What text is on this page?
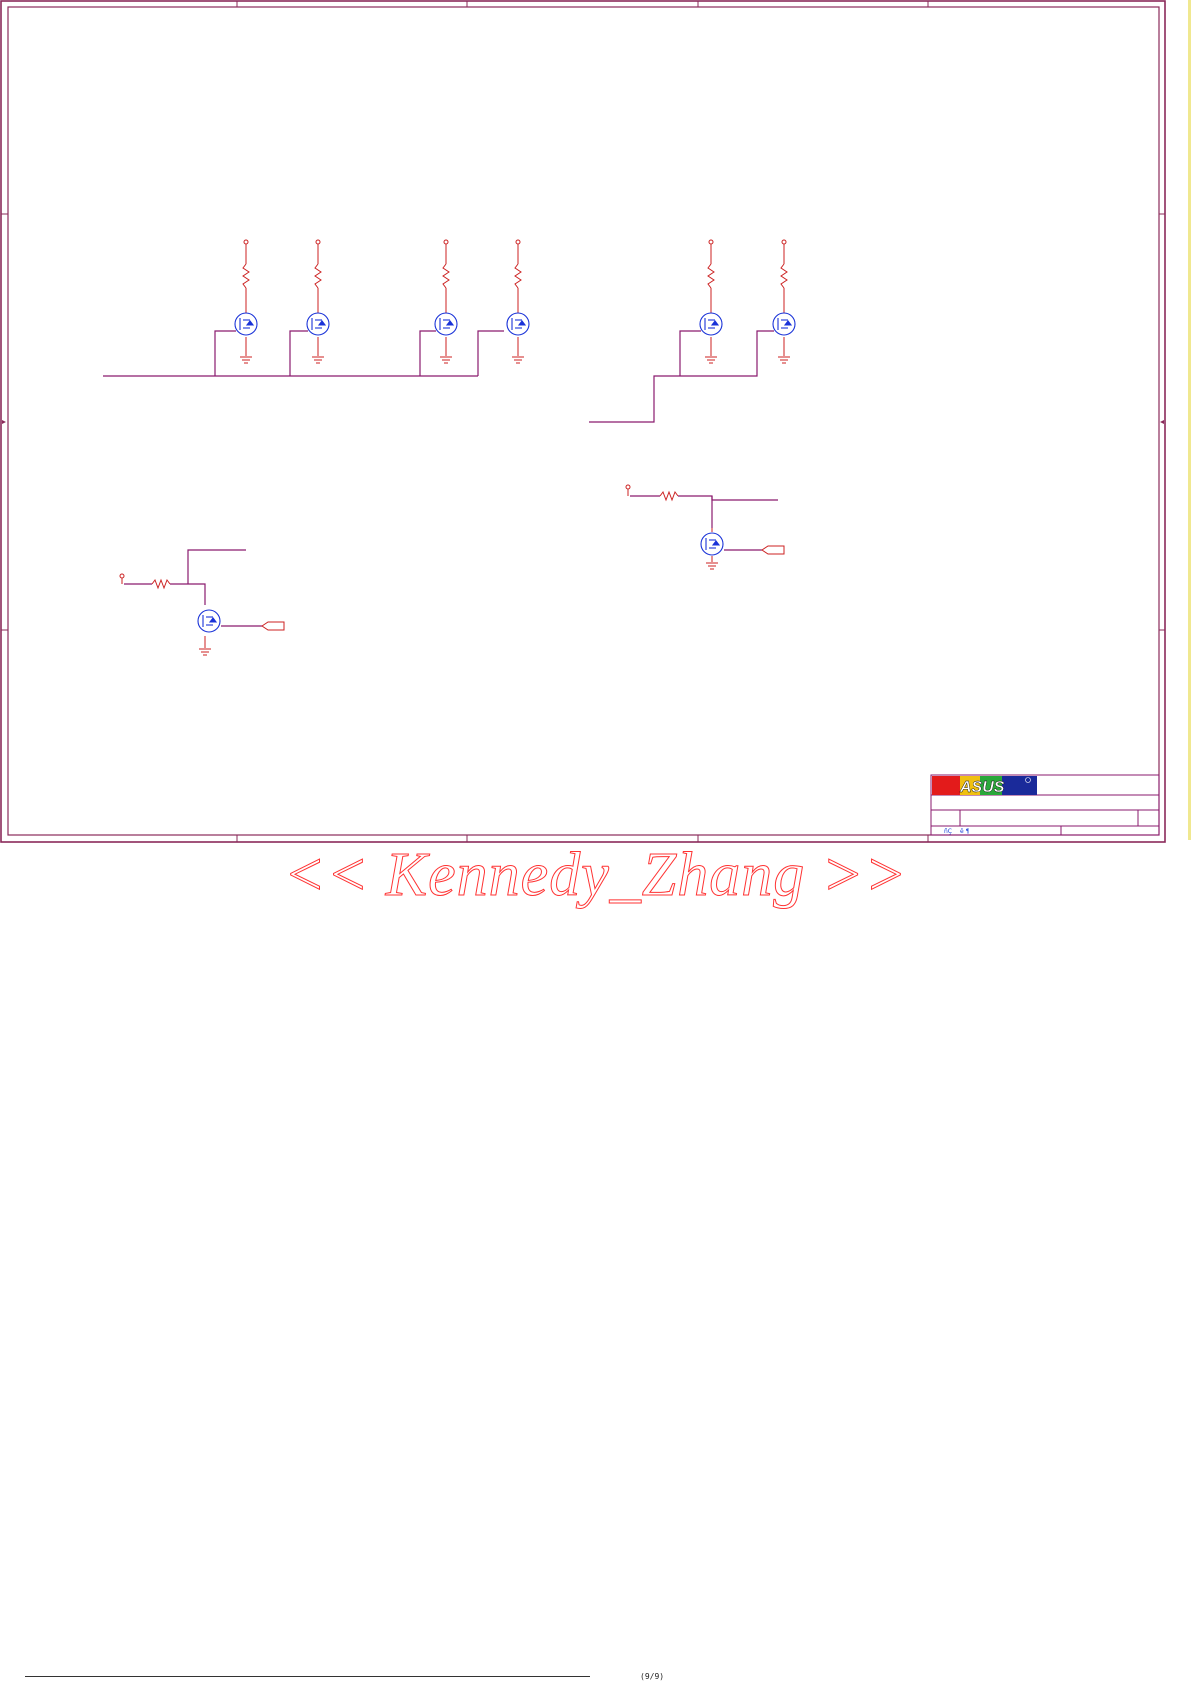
ASUS
ñÇ ê ¶
<< Kennedy_Zhang >>
(9/9)
